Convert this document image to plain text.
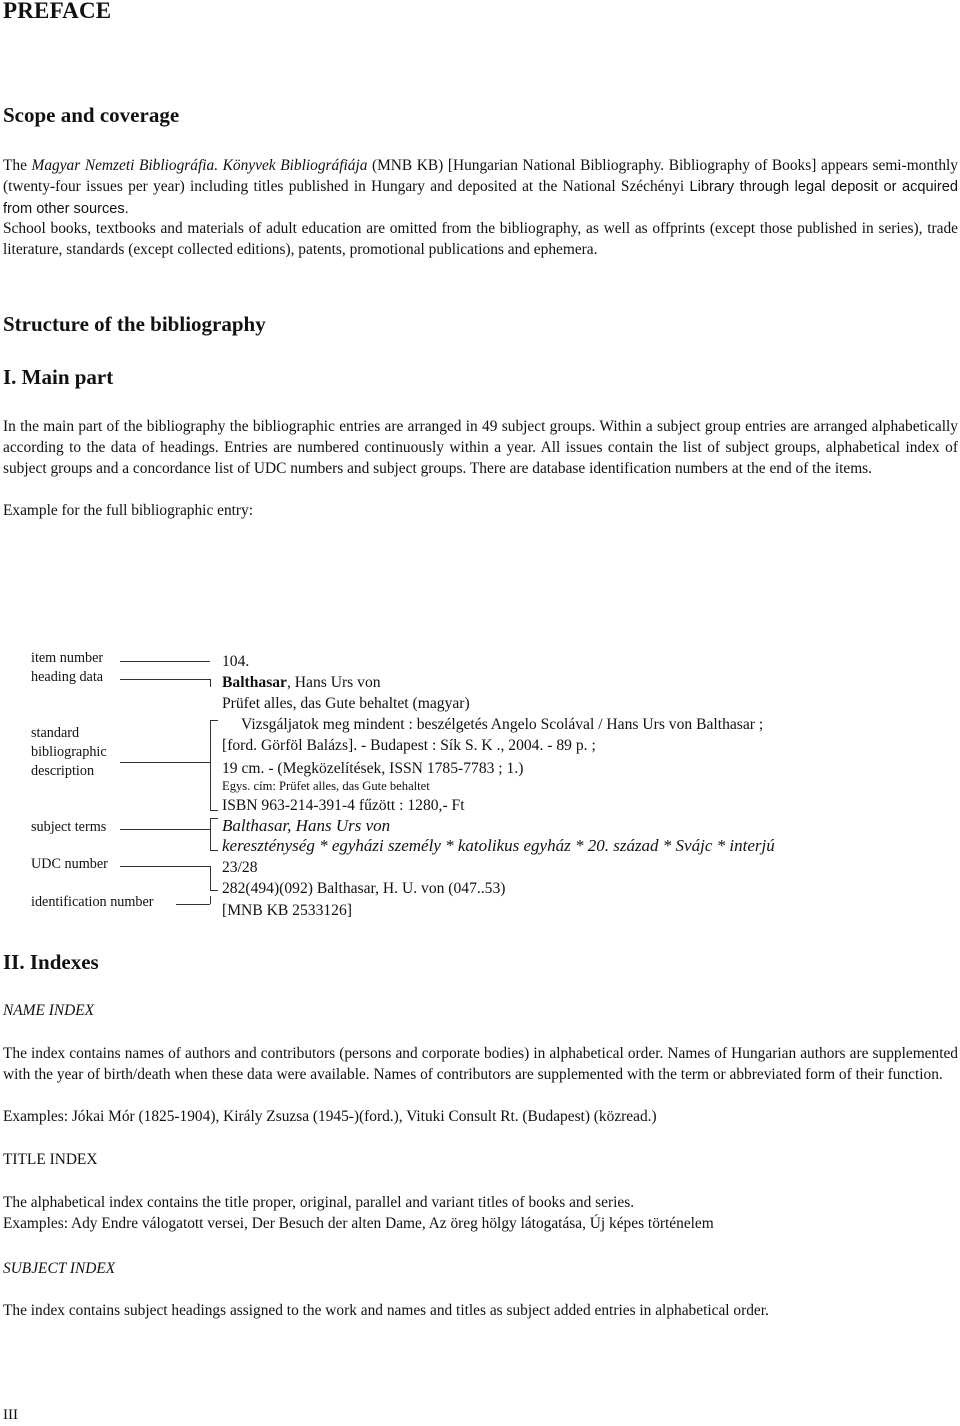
PREFACE
Scope and coverage

The Magyar Nemzeti Bibliográfia. Könyvek Bibliográfiája (MNB KB) [Hungarian National Bibliography. Bibliography of Books] appears semi-monthly (twenty-four issues per year) including titles published in Hungary and deposited at the National Széchényi Library through legal deposit or acquired from other sources.

School books, textbooks and materials of adult education are omitted from the bibliography, as well as offprints (except those published in series), trade literature, standards (except collected editions), patents, promotional publications and ephemera.

Structure of the bibliography
I. Main part

In the main part of the bibliography the bibliographic entries are arranged in 49 subject groups. Within a subject group entries are arranged alphabetically according to the data of headings. Entries are numbered continuously within a year. All issues contain the list of subject groups, alphabetical index of subject groups and a concordance list of UDC numbers and subject groups. There are database identification numbers at the end of the items.

Example for the full bibliographic entry:

item number

heading data

standard

bibliographic

description

subject terms

UDC number

identification number

104.

Balthasar, Hans Urs von

Prüfet alles, das Gute behaltet (magyar)

Vizsgáljatok meg mindent : beszélgetés Angelo Scolával / Hans Urs von Balthasar ;

[ford. Görföl Balázs]. - Budapest : Sík S. K ., 2004. - 89 p. ;

19 cm. - (Megközelítések, ISSN 1785-7783 ; 1.)

Egys. cím: Prüfet alles, das Gute behaltet

ISBN 963-214-391-4 fűzött : 1280,- Ft

Balthasar, Hans Urs von

kereszténység * egyházi személy * katolikus egyház * 20. század * Svájc * interjú

23/28

282(494)(092) Balthasar, H. U. von (047..53)

[MNB KB 2533126]

II. Indexes

NAME INDEX

The index contains names of authors and contributors (persons and corporate bodies) in alphabetical order. Names of Hungarian authors are supplemented with the year of birth/death when these data were available. Names of contributors are supplemented with the term or abbreviated form of their function.

Examples: Jókai Mór (1825-1904), Király Zsuzsa (1945-)(ford.), Vituki Consult Rt. (Budapest) (közread.)

TITLE INDEX

The alphabetical index contains the title proper, original, parallel and variant titles of books and series.

Examples: Ady Endre válogatott versei, Der Besuch der alten Dame, Az öreg hölgy látogatása, Új képes történelem

SUBJECT INDEX

The index contains subject headings assigned to the work and names and titles as subject added entries in alphabetical order.

III
